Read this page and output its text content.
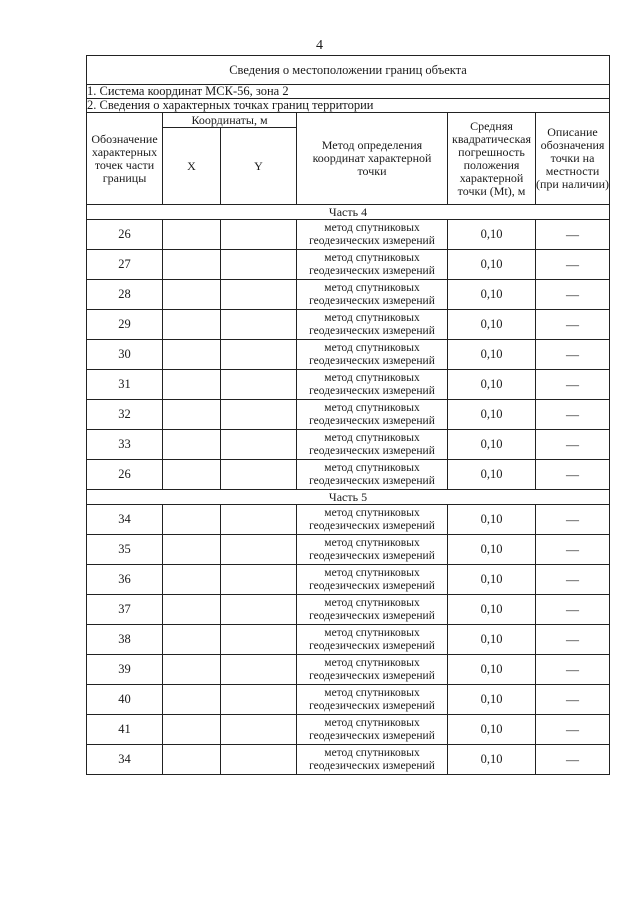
4
Сведения о местоположении границ объекта					
1. Система координат МСК-56, зона 2					
2. Сведения о характерных точках границ территории					
Обозначение характерных точек части границы	Координаты, м		Метод определения координат характерной точки	Средняя квадратическая погрешность положения характерной точки (Mt), м	Описание обозначения точки на местности (при наличии)
	X	Y			
Часть 4					
26			метод спутниковых геодезических измерений	0,10	—
27			метод спутниковых геодезических измерений	0,10	—
28			метод спутниковых геодезических измерений	0,10	—
29			метод спутниковых геодезических измерений	0,10	—
30			метод спутниковых геодезических измерений	0,10	—
31			метод спутниковых геодезических измерений	0,10	—
32			метод спутниковых геодезических измерений	0,10	—
33			метод спутниковых геодезических измерений	0,10	—
26			метод спутниковых геодезических измерений	0,10	—
Часть 5					
34			метод спутниковых геодезических измерений	0,10	—
35			метод спутниковых геодезических измерений	0,10	—
36			метод спутниковых геодезических измерений	0,10	—
37			метод спутниковых геодезических измерений	0,10	—
38			метод спутниковых геодезических измерений	0,10	—
39			метод спутниковых геодезических измерений	0,10	—
40			метод спутниковых геодезических измерений	0,10	—
41			метод спутниковых геодезических измерений	0,10	—
34			метод спутниковых геодезических измерений	0,10	—
